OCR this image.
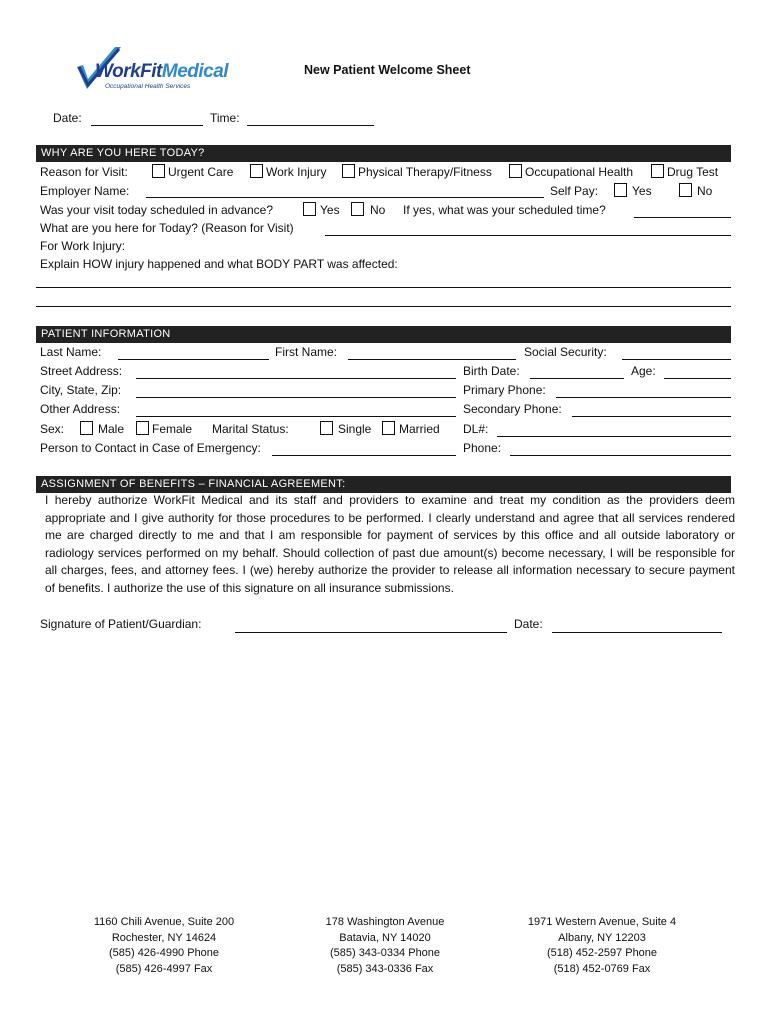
WorkFitMedical
Occupational Health Services
New Patient Welcome Sheet
Date:	Time:
WHY ARE YOU HERE TODAY?
Reason for Visit:	Urgent Care	Work Injury	Physical Therapy/Fitness	Occupational Health	Drug Test
Employer Name:	Self Pay:	Yes	No
Was your visit today scheduled in advance?	Yes	No If yes, what was your scheduled time?
What are you here for Today? (Reason for Visit)
For Work Injury:
Explain HOW injury happened and what BODY PART was affected:
PATIENT INFORMATION
Last Name:	First Name:	Social Security:
Street Address:	Birth Date:	Age:
City, State, Zip:	Primary Phone:
Other Address:	Secondary Phone:
Sex:	Male Female Marital Status:	Single Married DL#:
Person to Contact in Case of Emergency:	Phone:
ASSIGNMENT OF BENEFITS – FINANCIAL AGREEMENT:
I hereby authorize WorkFit Medical and its staff and providers to examine and treat my condition as the providers deem appropriate and I give authority for those procedures to be performed. I clearly understand and agree that all services rendered me are charged directly to me and that I am responsible for payment of services by this office and all outside laboratory or radiology services performed on my behalf. Should collection of past due amount(s) become necessary, I will be responsible for all charges, fees, and attorney fees. I (we) hereby authorize the provider to release all information necessary to secure payment of benefits. I authorize the use of this signature on all insurance submissions.
Signature of Patient/Guardian:	Date:
1160 Chili Avenue, Suite 200
Rochester, NY 14624
(585) 426-4990 Phone
(585) 426-4997 Fax
178 Washington Avenue
Batavia, NY 14020
(585) 343-0334 Phone
(585) 343-0336 Fax
1971 Western Avenue, Suite 4
Albany, NY 12203
(518) 452-2597 Phone
(518) 452-0769 Fax
